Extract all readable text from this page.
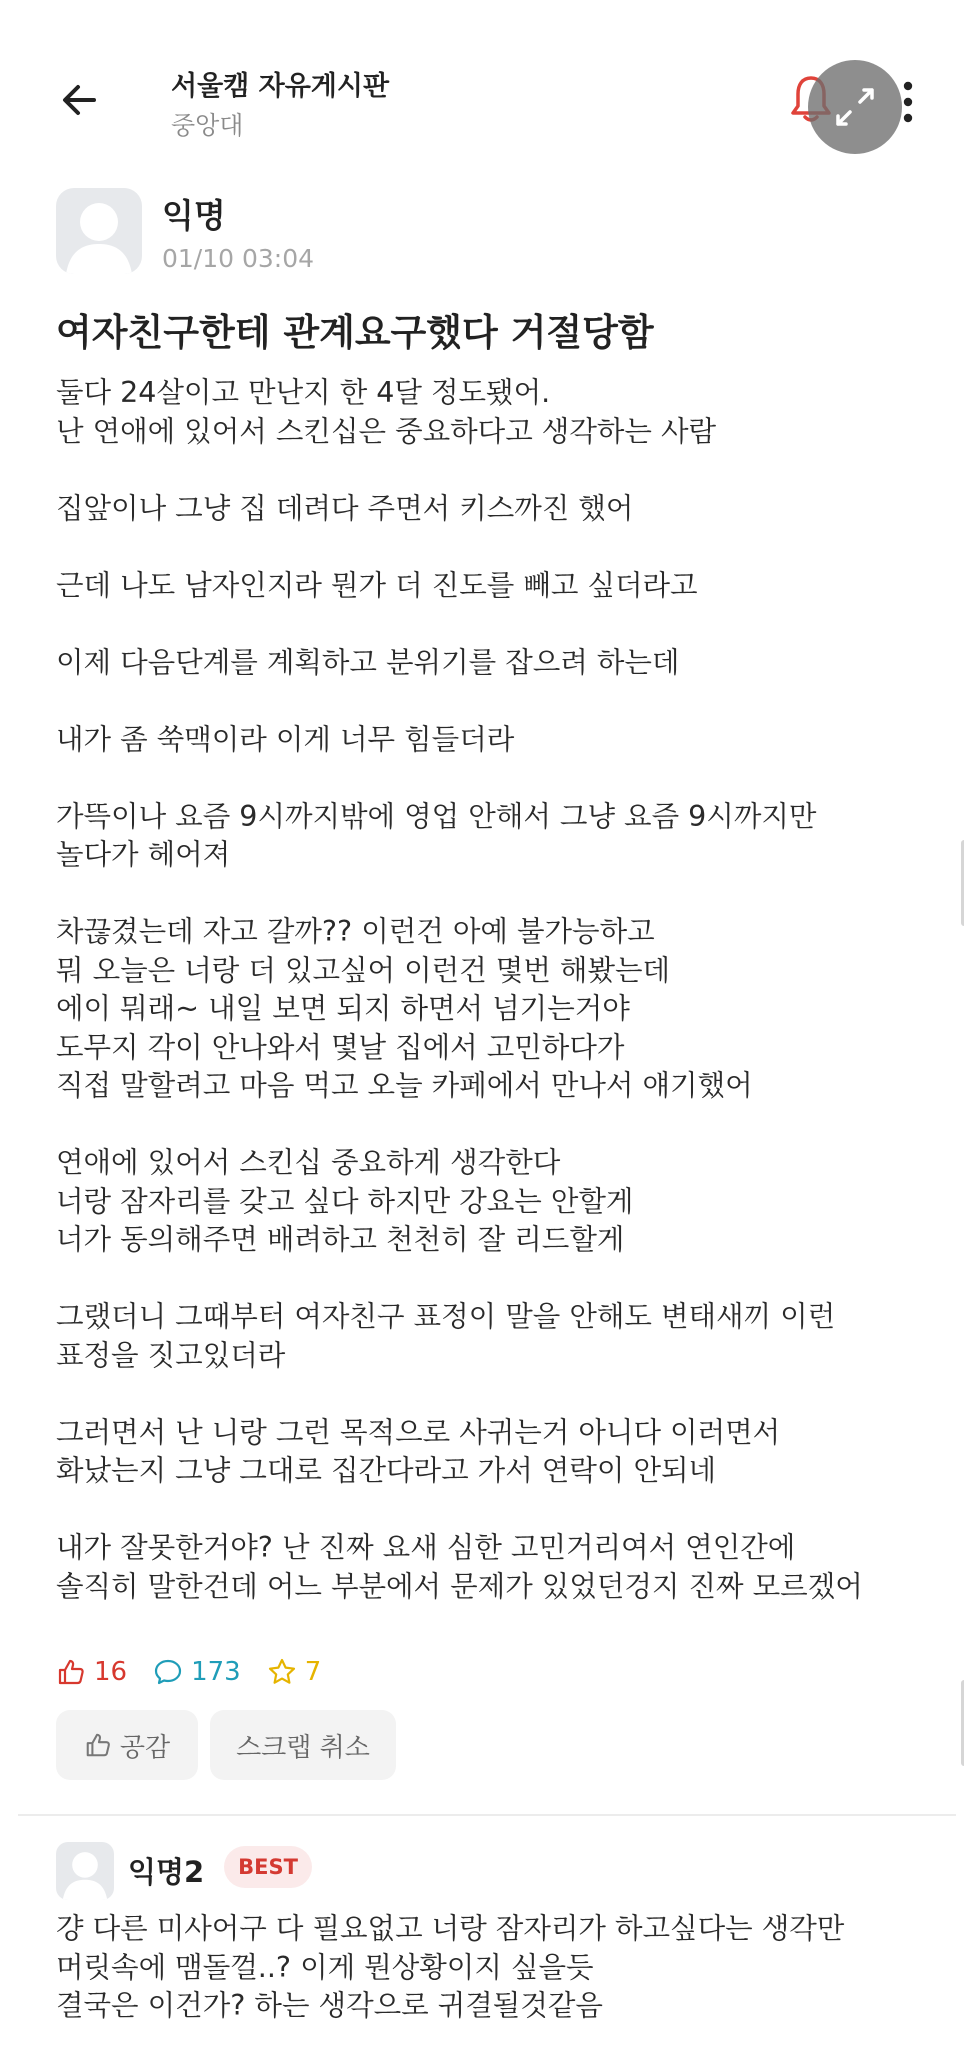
서울캠 자유게시판
중앙대
익명
01/10 03:04
여자친구한테 관계요구했다 거절당함

둘다 24살이고 만난지 한 4달 정도됐어.
난 연애에 있어서 스킨십은 중요하다고 생각하는 사람

집앞이나 그냥 집 데려다 주면서 키스까진 했어

근데 나도 남자인지라 뭔가 더 진도를 빼고 싶더라고

이제 다음단계를 계획하고 분위기를 잡으려 하는데

내가 좀 쑥맥이라 이게 너무 힘들더라

가뜩이나 요즘 9시까지밖에 영업 안해서 그냥 요즘 9시까지만
놀다가 헤어져

차끊겼는데 자고 갈까?? 이런건 아예 불가능하고
뭐 오늘은 너랑 더 있고싶어 이런건 몇번 해봤는데
에이 뭐래~ 내일 보면 되지 하면서 넘기는거야
도무지 각이 안나와서 몇날 집에서 고민하다가
직접 말할려고 마음 먹고 오늘 카페에서 만나서 얘기했어

연애에 있어서 스킨십 중요하게 생각한다
너랑 잠자리를 갖고 싶다 하지만 강요는 안할게
너가 동의해주면 배려하고 천천히 잘 리드할게

그랬더니 그때부터 여자친구 표정이 말을 안해도 변태새끼 이런
표정을 짓고있더라

그러면서 난 니랑 그런 목적으로 사귀는거 아니다 이러면서
화났는지 그냥 그대로 집간다라고 가서 연락이 안되네

내가 잘못한거야? 난 진짜 요새 심한 고민거리여서 연인간에
솔직히 말한건데 어느 부분에서 문제가 있었던겅지 진짜 모르겠어

16 173 7
공감	스크랩 취소
익명2	BEST

걍 다른 미사어구 다 필요없고 너랑 잠자리가 하고싶다는 생각만
머릿속에 맴돌껄..? 이게 뭔상황이지 싶을듯
결국은 이건가? 하는 생각으로 귀결될것같음
